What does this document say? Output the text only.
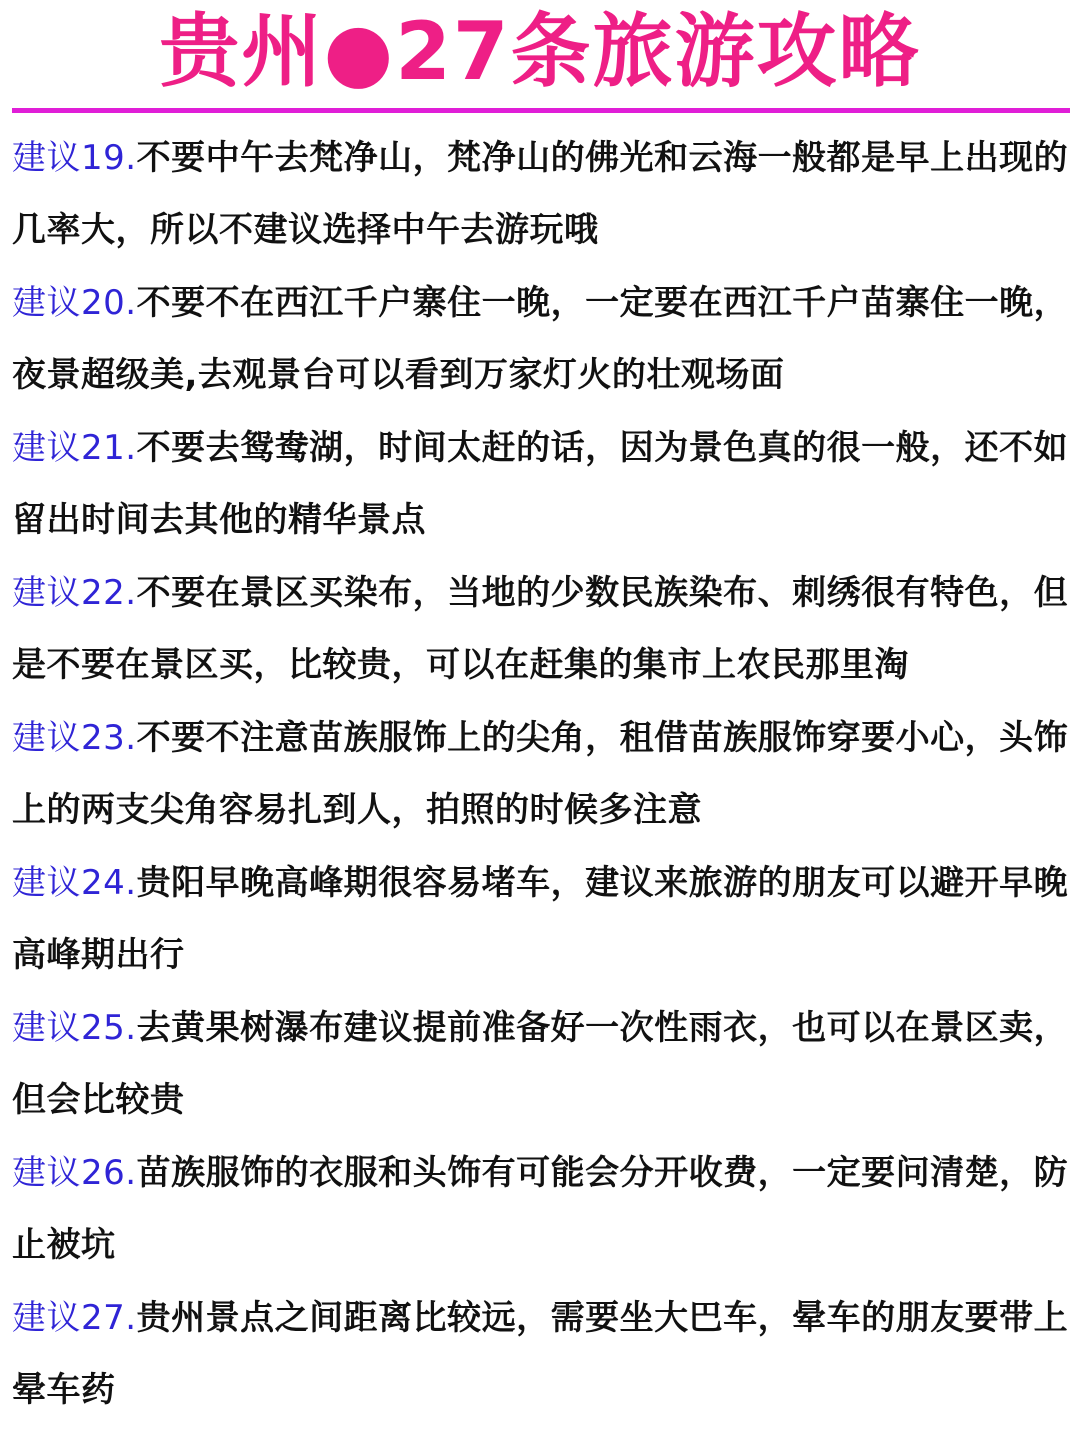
贵州●27条旅游攻略

建议19.不要中午去梵净山，梵净山的佛光和云海一般都是早上出现的几率大，所以不建议选择中午去游玩哦

建议20.不要不在西江千户寨住一晚，一定要在西江千户苗寨住一晚，夜景超级美,去观景台可以看到万家灯火的壮观场面

建议21.不要去鸳鸯湖，时间太赶的话，因为景色真的很一般，还不如留出时间去其他的精华景点

建议22.不要在景区买染布，当地的少数民族染布、刺绣很有特色，但是不要在景区买，比较贵，可以在赶集的集市上农民那里淘

建议23.不要不注意苗族服饰上的尖角，租借苗族服饰穿要小心，头饰上的两支尖角容易扎到人，拍照的时候多注意

建议24.贵阳早晚高峰期很容易堵车，建议来旅游的朋友可以避开早晚高峰期出行

建议25.去黄果树瀑布建议提前准备好一次性雨衣，也可以在景区卖，但会比较贵

建议26.苗族服饰的衣服和头饰有可能会分开收费，一定要问清楚，防止被坑

建议27.贵州景点之间距离比较远，需要坐大巴车，晕车的朋友要带上晕车药
